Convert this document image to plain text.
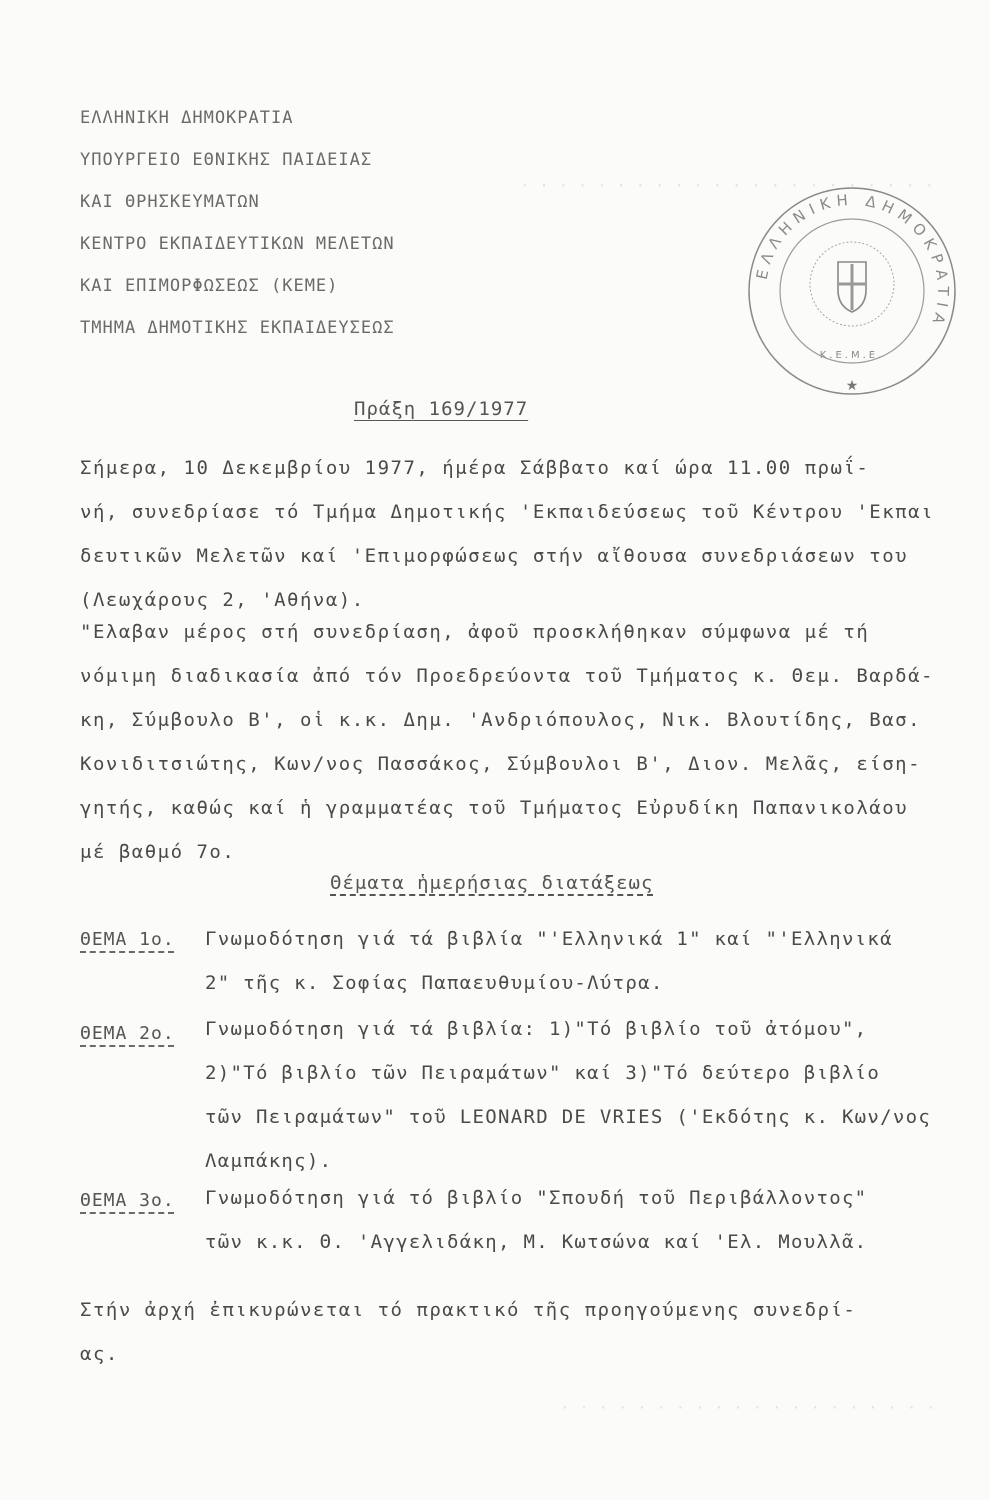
· · · · · · · · · · · · · · · · · · · · · ·
· · · · · · · · · · · · · · · · · · · ·
ΕΛΛΗΝΙΚΗ ΔΗΜΟΚΡΑΤΙΑ
ΥΠΟΥΡΓΕΙΟ ΕΘΝΙΚΗΣ ΠΑΙΔΕΙΑΣ
ΚΑΙ ΘΡΗΣΚΕΥΜΑΤΩΝ
ΚΕΝΤΡΟ ΕΚΠΑΙΔΕΥΤΙΚΩΝ ΜΕΛΕΤΩΝ
ΚΑΙ ΕΠΙΜΟΡΦΩΣΕΩΣ (ΚΕΜΕ)
ΤΜΗΜΑ ΔΗΜΟΤΙΚΗΣ ΕΚΠΑΙΔΕΥΣΕΩΣ
ΕΛΛΗΝΙΚΗ ΔΗΜΟΚΡΑΤΙΑ
Κ.Ε.Μ.Ε.
★
Πράξη 169/1977
Σήμερα, 10 Δεκεμβρίου 1977, ήμέρα Σάββατο καί ώρα 11.00 πρωΐ-
νή, συνεδρίασε τό Τμήμα Δημοτικής 'Εκπαιδεύσεως τοῦ Κέντρου 'Εκπαι
δευτικῶν Μελετῶν καί 'Επιμορφώσεως στήν αἴθουσα συνεδριάσεων του
(Λεωχάρους 2, 'Αθήνα).
"Ελαβαν μέρος στή συνεδρίαση, ἀφοῦ προσκλήθηκαν σύμφωνα μέ τή
νόμιμη διαδικασία ἀπό τόν Προεδρεύοντα τοῦ Τμήματος κ. Θεμ. Βαρδά-
κη, Σύμβουλο Β', οἱ κ.κ. Δημ. 'Ανδριόπουλος, Νικ. Βλουτίδης, Βασ.
Κονιδιτσιώτης, Κων/νος Πασσάκος, Σύμβουλοι Β', Διον. Μελᾶς, είση-
γητής, καθώς καί ἡ γραμματέας τοῦ Τμήματος Εὐρυδίκη Παπανικολάου
μέ βαθμό 7ο.
Θέματα ἡμερήσιας διατάξεως
ΘΕΜΑ 1ο. Γνωμοδότηση γιά τά βιβλία "'Ελληνικά 1" καί "'Ελληνικά
2" τῆς κ. Σοφίας Παπαευθυμίου-Λύτρα.
ΘΕΜΑ 2ο. Γνωμοδότηση γιά τά βιβλία: 1)"Τό βιβλίο τοῦ ἀτόμου",
2)"Τό βιβλίο τῶν Πειραμάτων" καί 3)"Τό δεύτερο βιβλίο
τῶν Πειραμάτων" τοῦ LEONARD DE VRIES ('Εκδότης κ. Κων/νος
Λαμπάκης).
ΘΕΜΑ 3ο. Γνωμοδότηση γιά τό βιβλίο "Σπουδή τοῦ Περιβάλλοντος"
τῶν κ.κ. Θ. 'Αγγελιδάκη, Μ. Κωτσώνα καί 'Ελ. Μουλλᾶ.
Στήν ἀρχή ἐπικυρώνεται τό πρακτικό τῆς προηγούμενης συνεδρί-
ας.
